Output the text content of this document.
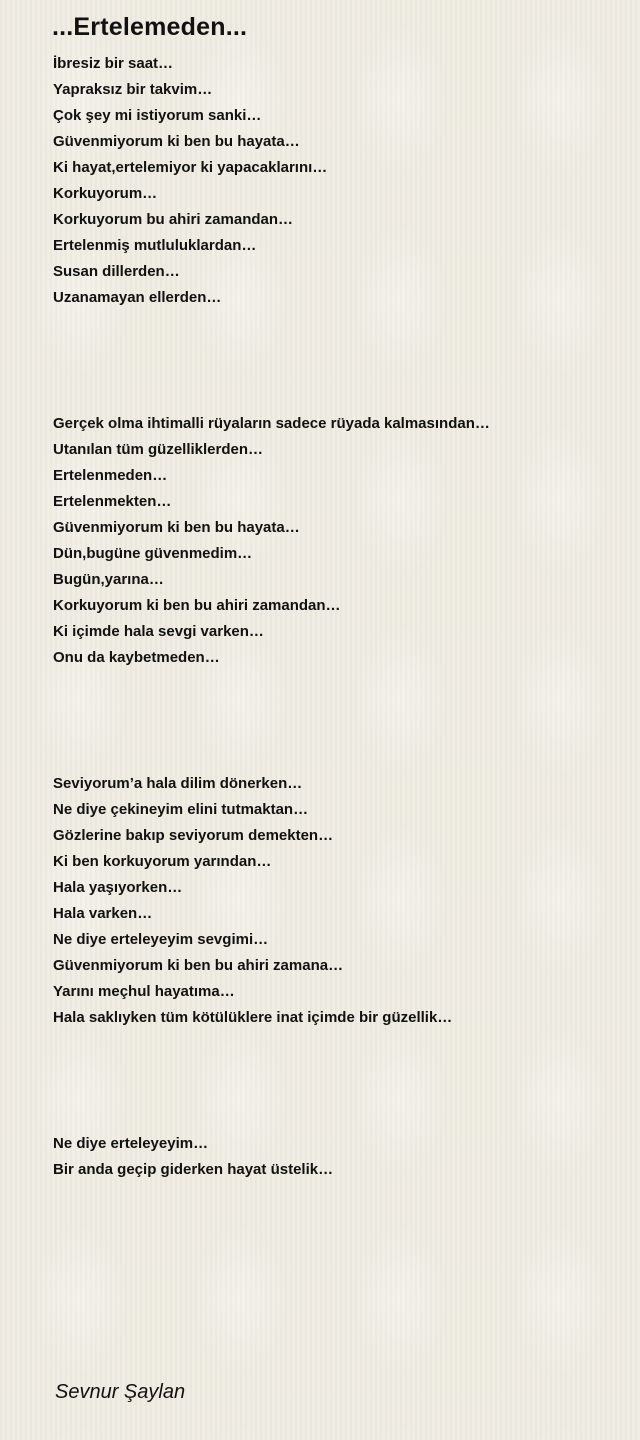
...Ertelemeden...
İbresiz bir saat…
Yapraksız bir takvim…
Çok şey mi istiyorum sanki…
Güvenmiyorum ki ben bu hayata…
Ki hayat,ertelemiyor ki yapacaklarını…
Korkuyorum…
Korkuyorum bu ahiri zamandan…
Ertelenmiş mutluluklardan…
Susan dillerden…
Uzanamayan ellerden…
Gerçek olma ihtimalli rüyaların sadece rüyada kalmasından…
Utanılan tüm güzelliklerden…
Ertelenmeden…
Ertelenmekten…
Güvenmiyorum ki ben bu hayata…
Dün,bugüne güvenmedim…
Bugün,yarına…
Korkuyorum ki ben bu ahiri zamandan…
Ki içimde hala sevgi varken…
Onu da kaybetmeden…
Seviyorum’a hala dilim dönerken…
Ne diye çekineyim elini tutmaktan…
Gözlerine bakıp seviyorum demekten…
Ki ben korkuyorum yarından…
Hala yaşıyorken…
Hala varken…
Ne diye erteleyeyim sevgimi…
Güvenmiyorum ki ben bu ahiri zamana…
Yarını meçhul hayatıma…
Hala saklıyken tüm kötülüklere inat içimde bir güzellik…
Ne diye erteleyeyim…
Bir anda geçip giderken hayat üstelik…

Sevnur Şaylan
